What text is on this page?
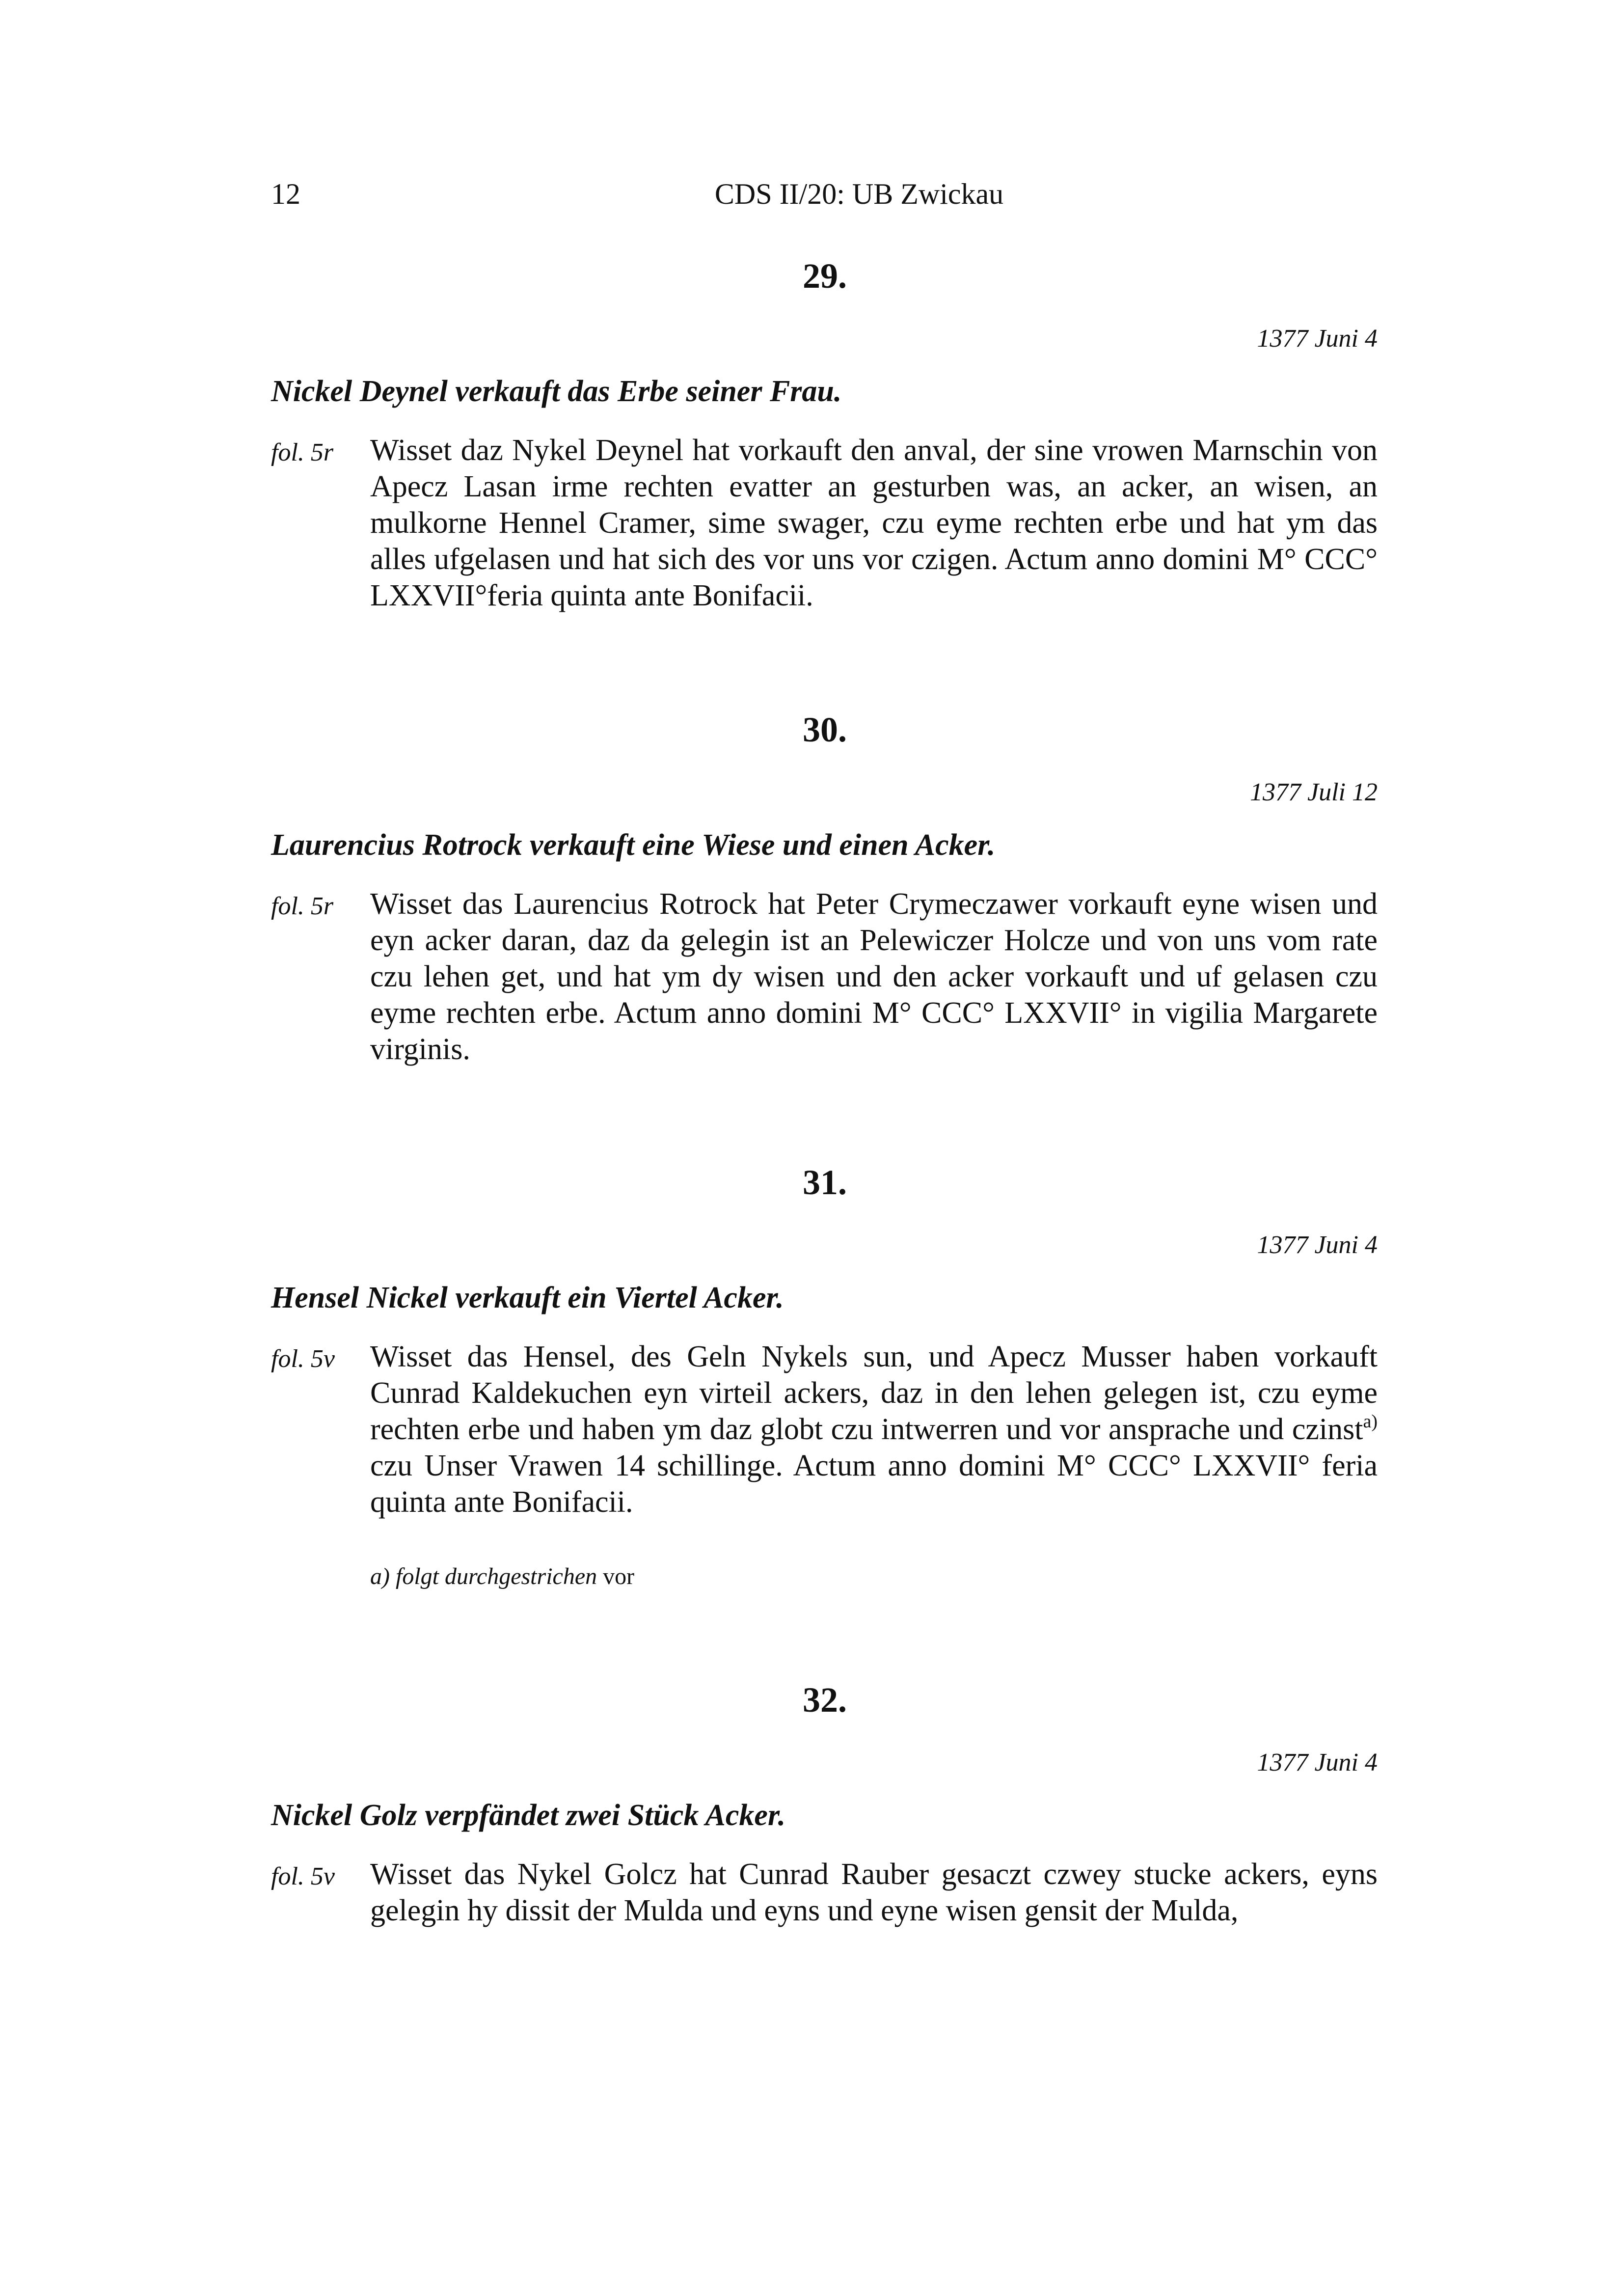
12	CDS II/20: UB Zwickau
29.
1377 Juni 4
Nickel Deynel verkauft das Erbe seiner Frau.
fol. 5r Wisset daz Nykel Deynel hat vorkauft den anval, der sine vrowen Marnschin von Apecz Lasan irme rechten evatter an gesturben was, an acker, an wisen, an mulkorne Hennel Cramer, sime swager, czu eyme rechten erbe und hat ym das alles ufgelasen und hat sich des vor uns vor czigen. Actum anno domini M° CCC° LXXVII°feria quinta ante Bonifacii.
30.
1377 Juli 12
Laurencius Rotrock verkauft eine Wiese und einen Acker.
fol. 5r Wisset das Laurencius Rotrock hat Peter Crymeczawer vorkauft eyne wisen und eyn acker daran, daz da gelegin ist an Pelewiczer Holcze und von uns vom rate czu lehen get, und hat ym dy wisen und den acker vorkauft und uf gelasen czu eyme rechten erbe. Actum anno domini M° CCC° LXXVII° in vigilia Margarete virginis.
31.
1377 Juni 4
Hensel Nickel verkauft ein Viertel Acker.
fol. 5v Wisset das Hensel, des Geln Nykels sun, und Apecz Musser haben vorkauft Cunrad Kaldekuchen eyn virteil ackers, daz in den lehen gelegen ist, czu eyme rechten erbe und haben ym daz globt czu intwerren und vor ansprache und czinst$^{a)}$ czu Unser Vrawen 14 schillinge. Actum anno domini M° CCC° LXXVII° feria quinta ante Bonifacii.
a) folgt durchgestrichen vor
32.
1377 Juni 4
Nickel Golz verpfändet zwei Stück Acker.
fol. 5v Wisset das Nykel Golcz hat Cunrad Rauber gesaczt czwey stucke ackers, eyns gelegin hy dissit der Mulda und eyns und eyne wisen gensit der Mulda,
